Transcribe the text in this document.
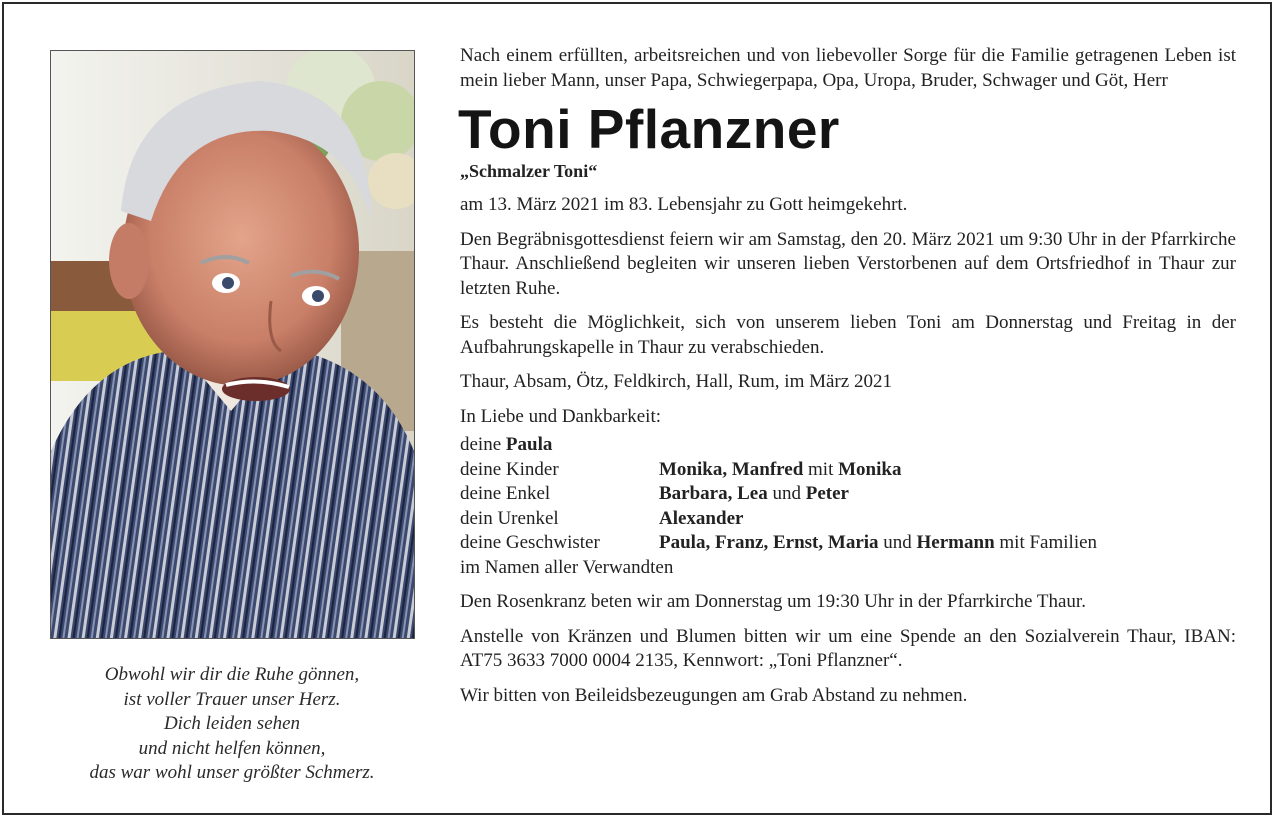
Obwohl wir dir die Ruhe gönnen,
ist voller Trauer unser Herz.
Dich leiden sehen
und nicht helfen können,
das war wohl unser größter Schmerz.

Nach einem erfüllten, arbeitsreichen und von liebevoller Sorge für die Familie getragenen Leben ist mein lieber Mann, unser Papa, Schwiegerpapa, Opa, Uropa, Bruder, Schwager und Göt, Herr

Toni Pflanzner
„Schmalzer Toni“

am 13. März 2021 im 83. Lebensjahr zu Gott heimgekehrt.

Den Begräbnisgottesdienst feiern wir am Samstag, den 20. März 2021 um 9:30 Uhr in der Pfarrkirche Thaur. Anschließend begleiten wir unseren lieben Verstorbenen auf dem Ortsfriedhof in Thaur zur letzten Ruhe.

Es besteht die Möglichkeit, sich von unserem lieben Toni am Donnerstag und Freitag in der Aufbahrungskapelle in Thaur zu verabschieden.

Thaur, Absam, Ötz, Feldkirch, Hall, Rum, im März 2021

In Liebe und Dankbarkeit:

deine Paula
deine Kinder	Monika, Manfred mit Monika
deine Enkel	Barbara, Lea und Peter
dein Urenkel	Alexander
deine Geschwister	Paula, Franz, Ernst, Maria und Hermann mit Familien
im Namen aller Verwandten

Den Rosenkranz beten wir am Donnerstag um 19:30 Uhr in der Pfarrkirche Thaur.

Anstelle von Kränzen und Blumen bitten wir um eine Spende an den Sozialverein Thaur, IBAN: AT75 3633 7000 0004 2135, Kennwort: „Toni Pflanzner“.

Wir bitten von Beileidsbezeugungen am Grab Abstand zu nehmen.
